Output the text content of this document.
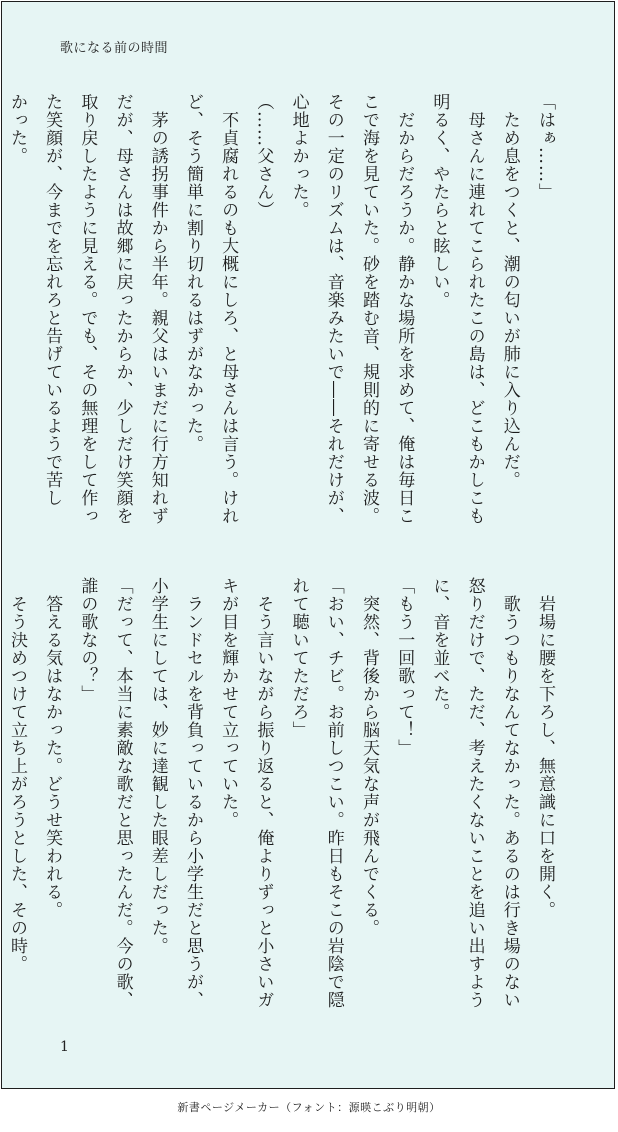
歌になる前の時間
「はぁ……」
　ため息をつくと、潮の匂いが肺に入り込んだ。
　母さんに連れてこられたこの島は、どこもかしこも
明るく、やたらと眩しい。
　だからだろうか。静かな場所を求めて、俺は毎日こ
こで海を見ていた。砂を踏む音、規則的に寄せる波。
その一定のリズムは、音楽みたいで――それだけが、
心地よかった。
（……父さん）
　不貞腐れるのも大概にしろ、と母さんは言う。けれ
ど、そう簡単に割り切れるはずがなかった。
　茅の誘拐事件から半年。親父はいまだに行方知れず
だが、母さんは故郷に戻ったからか、少しだけ笑顔を
取り戻したように見える。でも、その無理をして作っ
た笑顔が、今までを忘れろと告げているようで苦し
かった。
　岩場に腰を下ろし、無意識に口を開く。
　歌うつもりなんてなかった。あるのは行き場のない
怒りだけで、ただ、考えたくないことを追い出すよう
に、音を並べた。
「もう一回歌って！」
　突然、背後から脳天気な声が飛んでくる。
「おい、チビ。お前しつこい。昨日もそこの岩陰で隠
れて聴いてただろ」
　そう言いながら振り返ると、俺よりずっと小さいガ
キが目を輝かせて立っていた。
　ランドセルを背負っているから小学生だと思うが、
小学生にしては、妙に達観した眼差しだった。
「だって、本当に素敵な歌だと思ったんだ。今の歌、
誰の歌なの？」
　答える気はなかった。どうせ笑われる。
　そう決めつけて立ち上がろうとした、その時。
1
新書ページメーカー（フォント：源暎こぶり明朝）
